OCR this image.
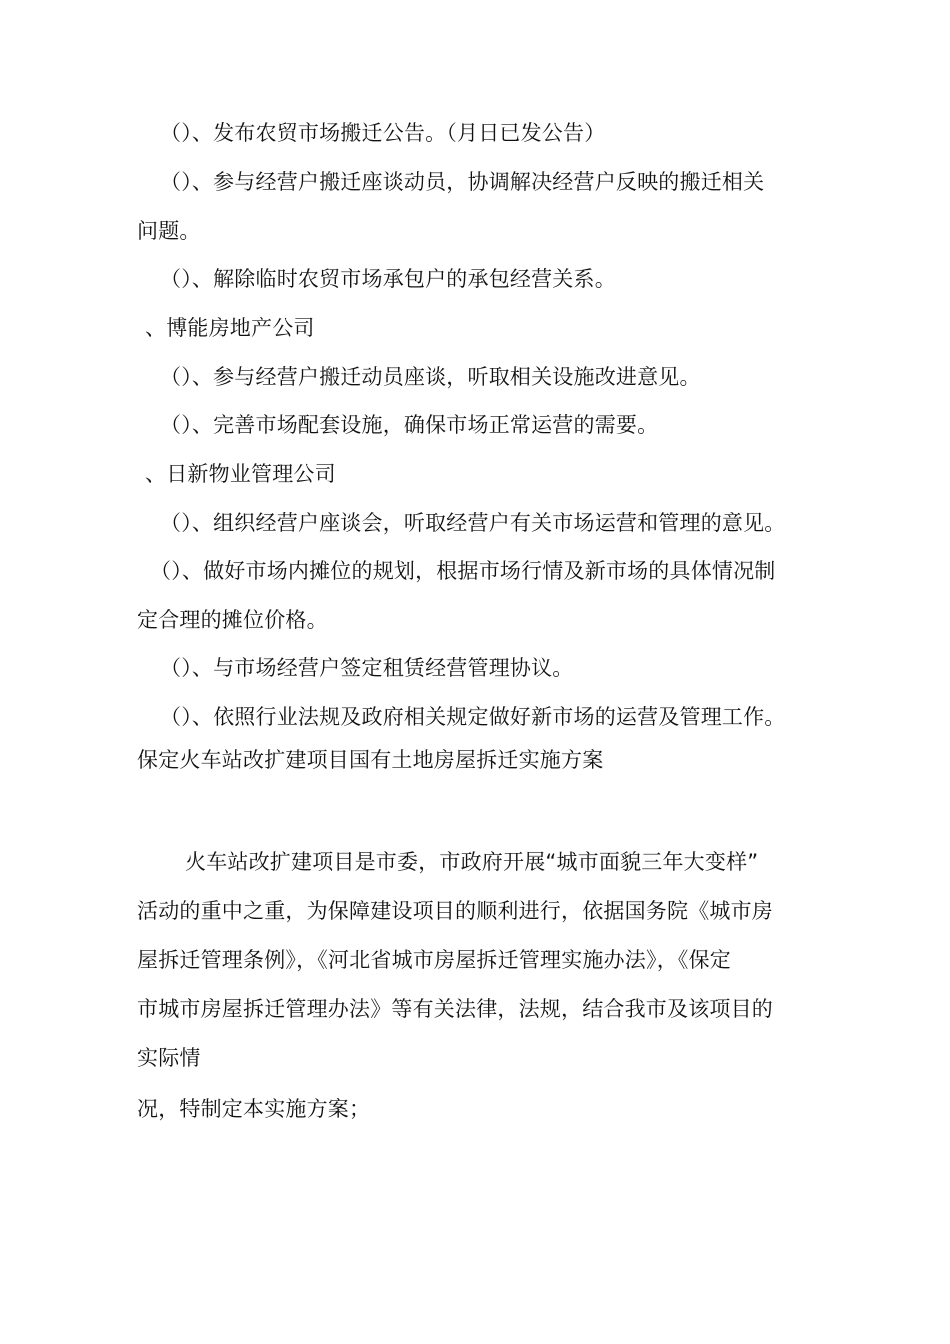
（）、发布农贸市场搬迁公告。（月日已发公告）
（）、参与经营户搬迁座谈动员，协调解决经营户反映的搬迁相关
问题。
（）、解除临时农贸市场承包户的承包经营关系。
、博能房地产公司
（）、参与经营户搬迁动员座谈，听取相关设施改进意见。
（）、完善市场配套设施，确保市场正常运营的需要。
、日新物业管理公司
（）、组织经营户座谈会，听取经营户有关市场运营和管理的意见。
（）、做好市场内摊位的规划，根据市场行情及新市场的具体情况制
定合理的摊位价格。
（）、与市场经营户签定租赁经营管理协议。
（）、依照行业法规及政府相关规定做好新市场的运营及管理工作。
保定火车站改扩建项目国有土地房屋拆迁实施方案
火车站改扩建项目是市委，市政府开展“城市面貌三年大变样”
活动的重中之重，为保障建设项目的顺利进行，依据国务院《城市房
屋拆迁管理条例》，《河北省城市房屋拆迁管理实施办法》，《保定
市城市房屋拆迁管理办法》等有关法律，法规，结合我市及该项目的
实际情
况，特制定本实施方案；
